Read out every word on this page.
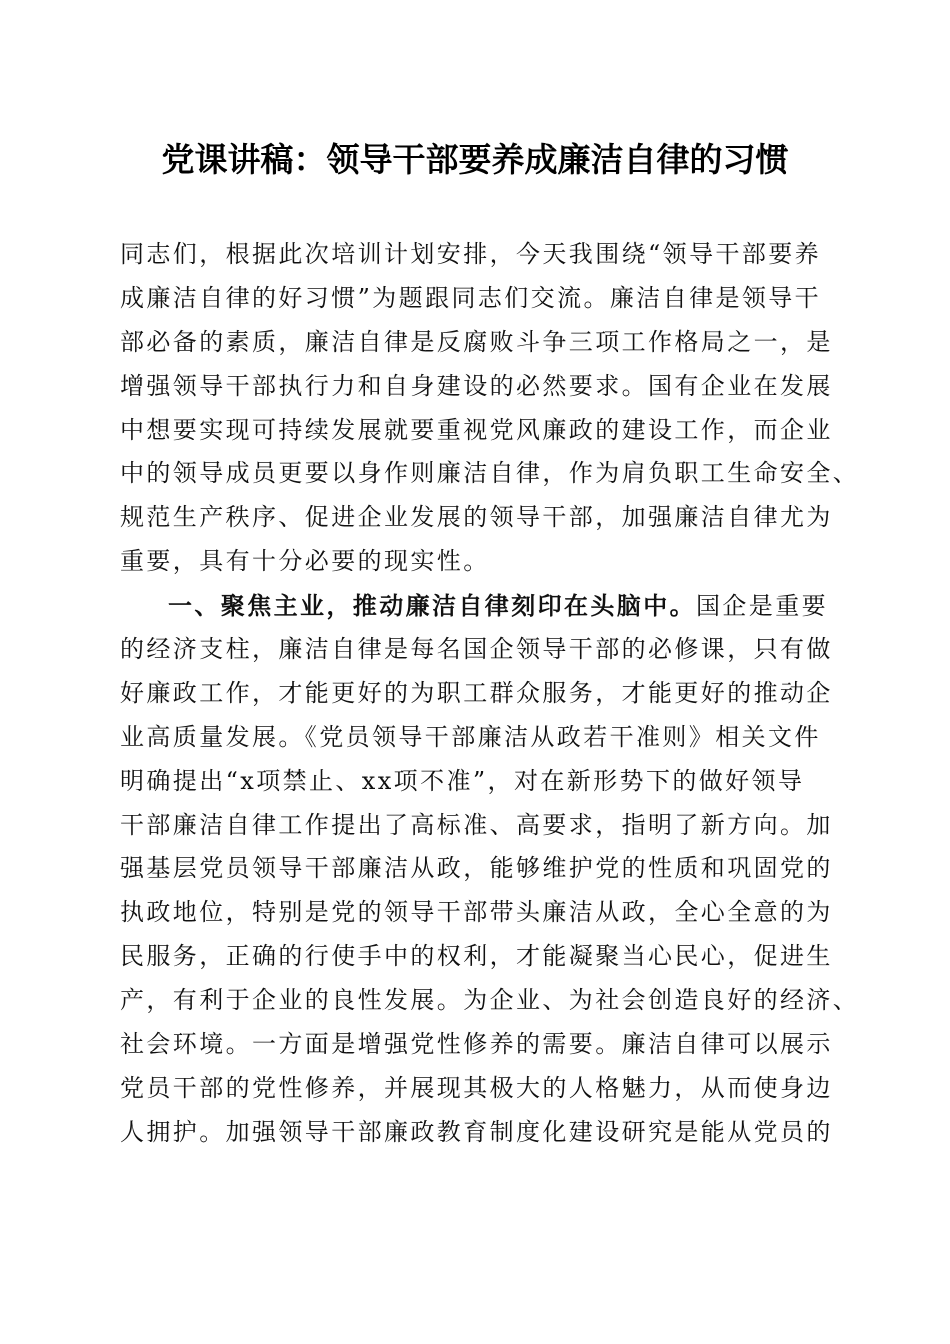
党课讲稿：领导干部要养成廉洁自律的习惯
同志们，根据此次培训计划安排，今天我围绕“领导干部要养
成廉洁自律的好习惯”为题跟同志们交流。廉洁自律是领导干
部必备的素质，廉洁自律是反腐败斗争三项工作格局之一，是
增强领导干部执行力和自身建设的必然要求。国有企业在发展
中想要实现可持续发展就要重视党风廉政的建设工作，而企业
中的领导成员更要以身作则廉洁自律，作为肩负职工生命安全、
规范生产秩序、促进企业发展的领导干部，加强廉洁自律尤为
重要，具有十分必要的现实性。
一、聚焦主业，推动廉洁自律刻印在头脑中。国企是重要
的经济支柱，廉洁自律是每名国企领导干部的必修课，只有做
好廉政工作，才能更好的为职工群众服务，才能更好的推动企
业高质量发展。《党员领导干部廉洁从政若干准则》相关文件
明确提出“x项禁止、xx项不准”，对在新形势下的做好领导
干部廉洁自律工作提出了高标准、高要求，指明了新方向。加
强基层党员领导干部廉洁从政，能够维护党的性质和巩固党的
执政地位，特别是党的领导干部带头廉洁从政，全心全意的为
民服务，正确的行使手中的权利，才能凝聚当心民心，促进生
产，有利于企业的良性发展。为企业、为社会创造良好的经济、
社会环境。一方面是增强党性修养的需要。廉洁自律可以展示
党员干部的党性修养，并展现其极大的人格魅力，从而使身边
人拥护。加强领导干部廉政教育制度化建设研究是能从党员的
